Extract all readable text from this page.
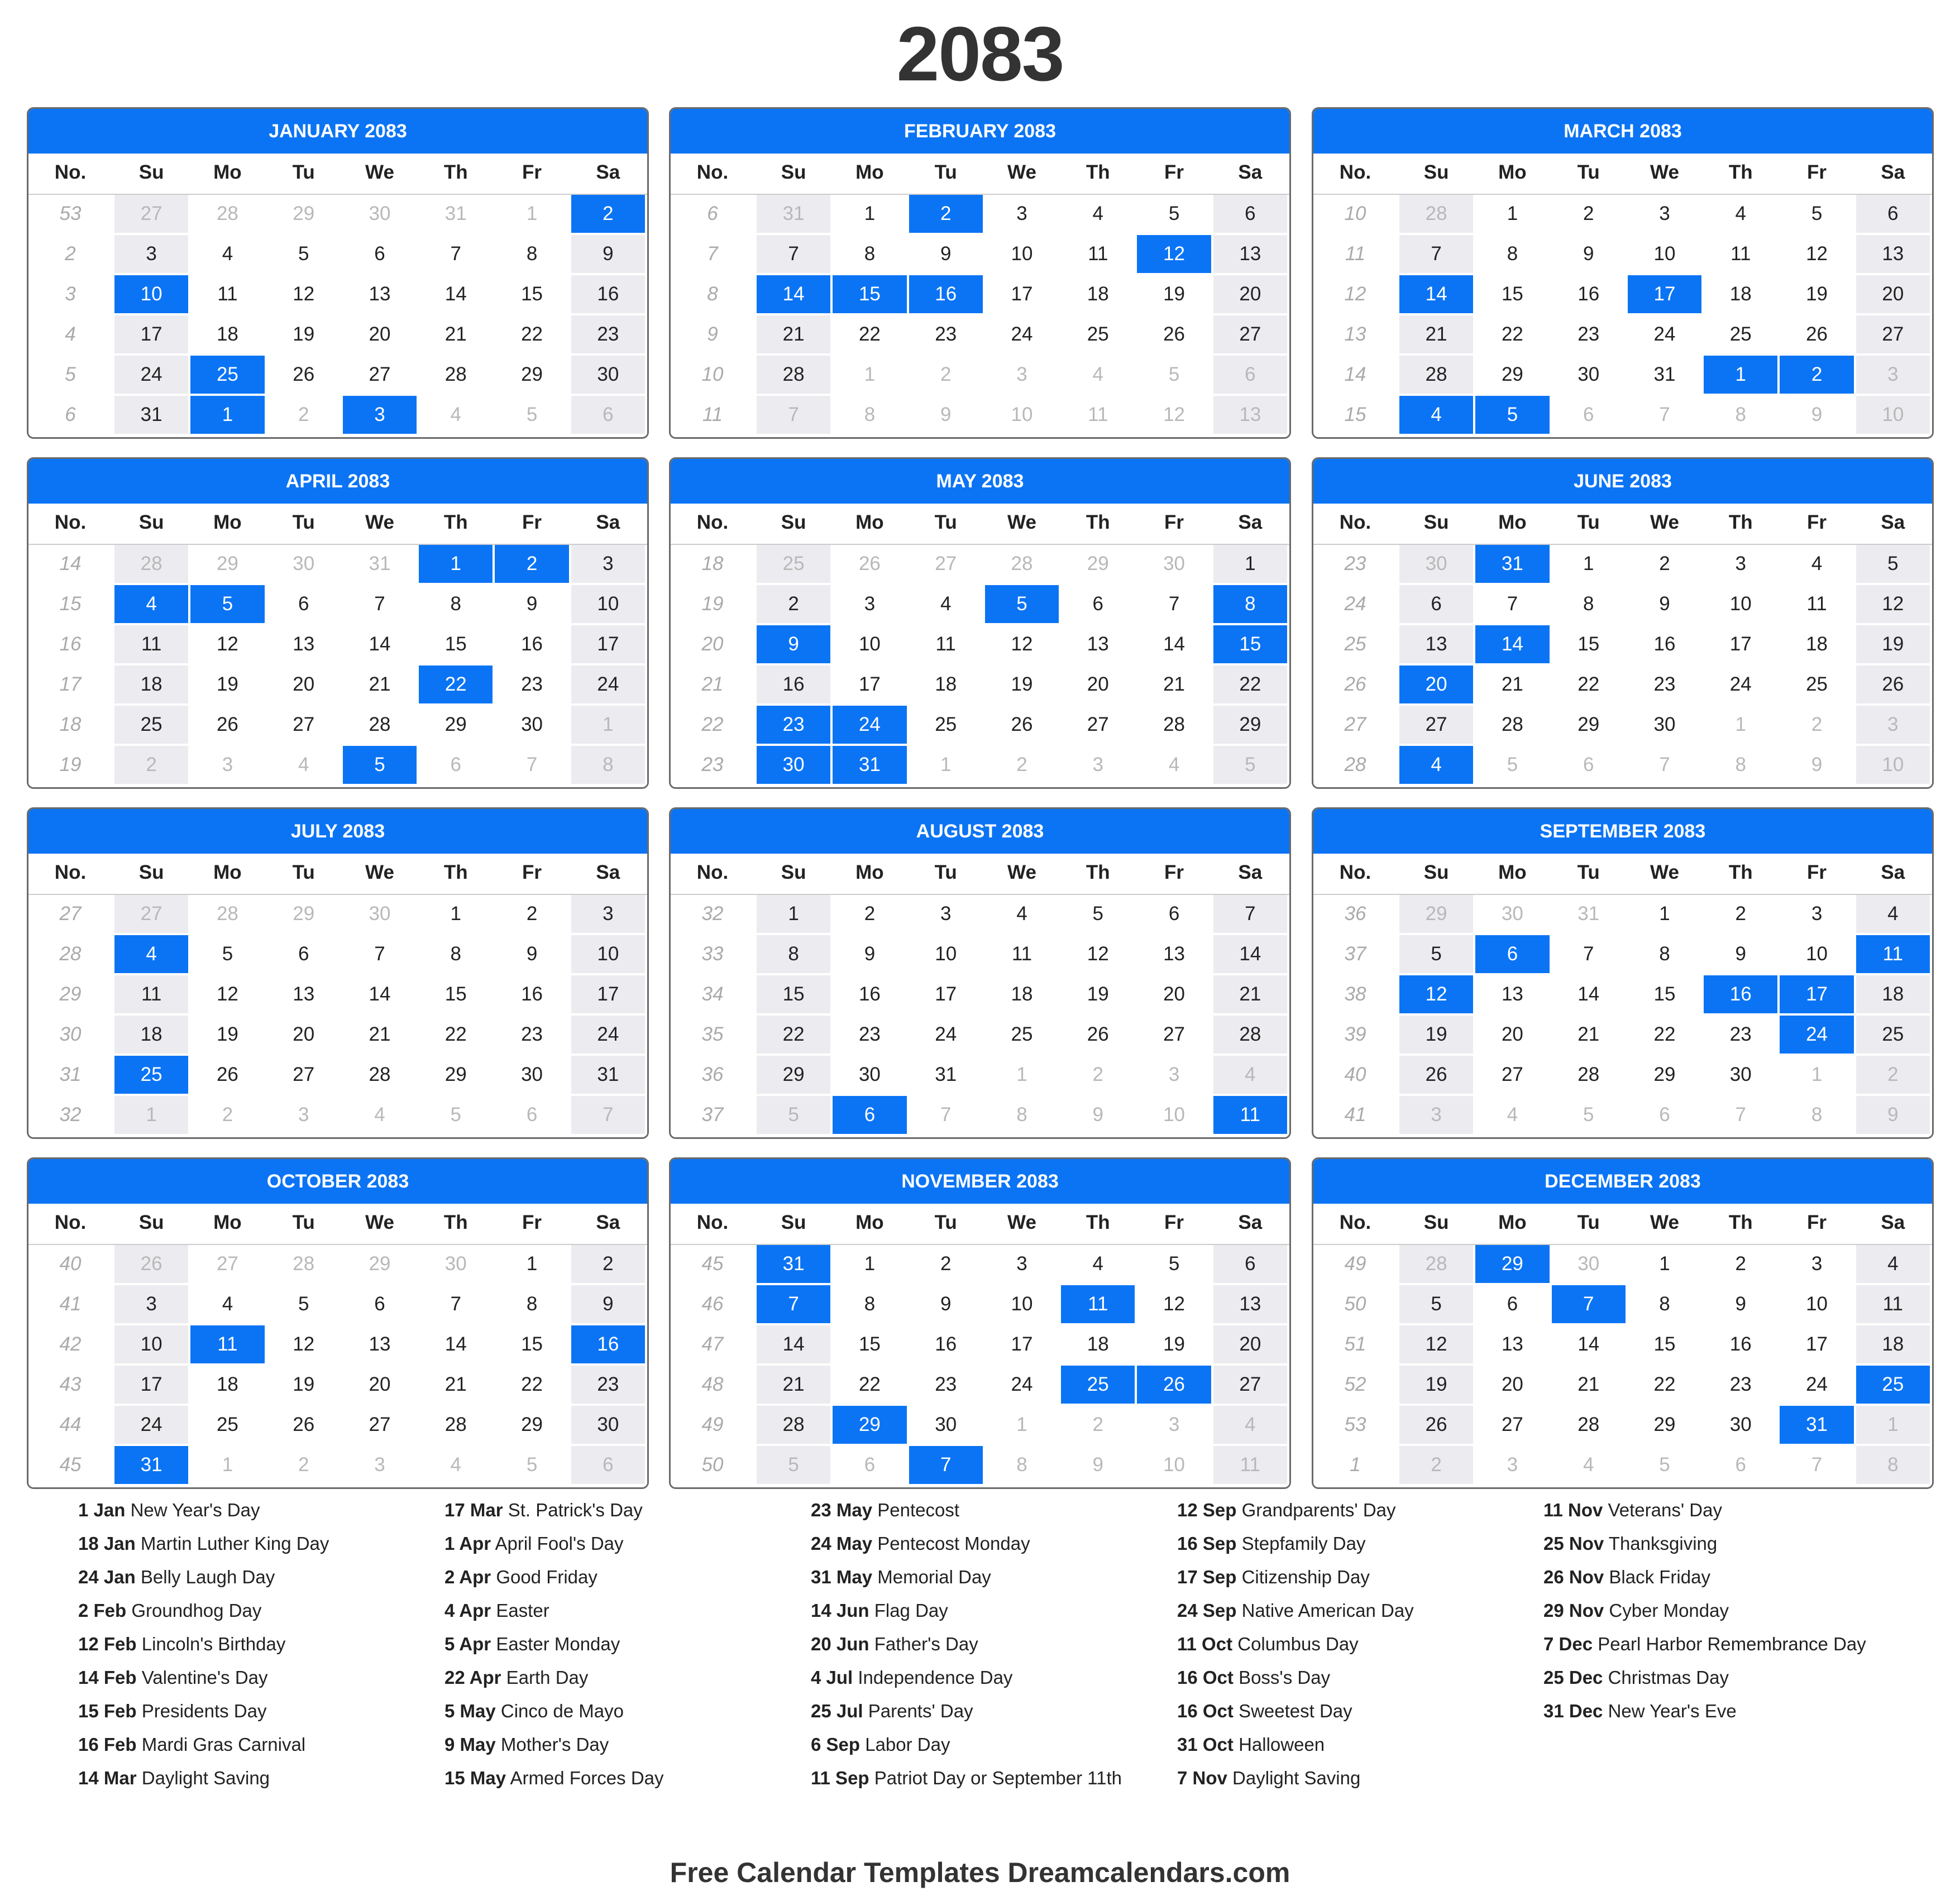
2083
JANUARY 2083
No.	Su	Mo	Tu	We	Th	Fr	Sa
53	27	28	29	30	31	1	2
2	3	4	5	6	7	8	9
3	10	11	12	13	14	15	16
4	17	18	19	20	21	22	23
5	24	25	26	27	28	29	30
6	31	1	2	3	4	5	6
FEBRUARY 2083
No.	Su	Mo	Tu	We	Th	Fr	Sa
6	31	1	2	3	4	5	6
7	7	8	9	10	11	12	13
8	14	15	16	17	18	19	20
9	21	22	23	24	25	26	27
10	28	1	2	3	4	5	6
11	7	8	9	10	11	12	13
MARCH 2083
No.	Su	Mo	Tu	We	Th	Fr	Sa
10	28	1	2	3	4	5	6
11	7	8	9	10	11	12	13
12	14	15	16	17	18	19	20
13	21	22	23	24	25	26	27
14	28	29	30	31	1	2	3
15	4	5	6	7	8	9	10
APRIL 2083
No.	Su	Mo	Tu	We	Th	Fr	Sa
14	28	29	30	31	1	2	3
15	4	5	6	7	8	9	10
16	11	12	13	14	15	16	17
17	18	19	20	21	22	23	24
18	25	26	27	28	29	30	1
19	2	3	4	5	6	7	8
MAY 2083
No.	Su	Mo	Tu	We	Th	Fr	Sa
18	25	26	27	28	29	30	1
19	2	3	4	5	6	7	8
20	9	10	11	12	13	14	15
21	16	17	18	19	20	21	22
22	23	24	25	26	27	28	29
23	30	31	1	2	3	4	5
JUNE 2083
No.	Su	Mo	Tu	We	Th	Fr	Sa
23	30	31	1	2	3	4	5
24	6	7	8	9	10	11	12
25	13	14	15	16	17	18	19
26	20	21	22	23	24	25	26
27	27	28	29	30	1	2	3
28	4	5	6	7	8	9	10
JULY 2083
No.	Su	Mo	Tu	We	Th	Fr	Sa
27	27	28	29	30	1	2	3
28	4	5	6	7	8	9	10
29	11	12	13	14	15	16	17
30	18	19	20	21	22	23	24
31	25	26	27	28	29	30	31
32	1	2	3	4	5	6	7
AUGUST 2083
No.	Su	Mo	Tu	We	Th	Fr	Sa
32	1	2	3	4	5	6	7
33	8	9	10	11	12	13	14
34	15	16	17	18	19	20	21
35	22	23	24	25	26	27	28
36	29	30	31	1	2	3	4
37	5	6	7	8	9	10	11
SEPTEMBER 2083
No.	Su	Mo	Tu	We	Th	Fr	Sa
36	29	30	31	1	2	3	4
37	5	6	7	8	9	10	11
38	12	13	14	15	16	17	18
39	19	20	21	22	23	24	25
40	26	27	28	29	30	1	2
41	3	4	5	6	7	8	9
OCTOBER 2083
No.	Su	Mo	Tu	We	Th	Fr	Sa
40	26	27	28	29	30	1	2
41	3	4	5	6	7	8	9
42	10	11	12	13	14	15	16
43	17	18	19	20	21	22	23
44	24	25	26	27	28	29	30
45	31	1	2	3	4	5	6
NOVEMBER 2083
No.	Su	Mo	Tu	We	Th	Fr	Sa
45	31	1	2	3	4	5	6
46	7	8	9	10	11	12	13
47	14	15	16	17	18	19	20
48	21	22	23	24	25	26	27
49	28	29	30	1	2	3	4
50	5	6	7	8	9	10	11
DECEMBER 2083
No.	Su	Mo	Tu	We	Th	Fr	Sa
49	28	29	30	1	2	3	4
50	5	6	7	8	9	10	11
51	12	13	14	15	16	17	18
52	19	20	21	22	23	24	25
53	26	27	28	29	30	31	1
1	2	3	4	5	6	7	8
1 Jan New Year's Day
18 Jan Martin Luther King Day
24 Jan Belly Laugh Day
2 Feb Groundhog Day
12 Feb Lincoln's Birthday
14 Feb Valentine's Day
15 Feb Presidents Day
16 Feb Mardi Gras Carnival
14 Mar Daylight Saving
17 Mar St. Patrick's Day
1 Apr April Fool's Day
2 Apr Good Friday
4 Apr Easter
5 Apr Easter Monday
22 Apr Earth Day
5 May Cinco de Mayo
9 May Mother's Day
15 May Armed Forces Day
23 May Pentecost
24 May Pentecost Monday
31 May Memorial Day
14 Jun Flag Day
20 Jun Father's Day
4 Jul Independence Day
25 Jul Parents' Day
6 Sep Labor Day
11 Sep Patriot Day or September 11th
12 Sep Grandparents' Day
16 Sep Stepfamily Day
17 Sep Citizenship Day
24 Sep Native American Day
11 Oct Columbus Day
16 Oct Boss's Day
16 Oct Sweetest Day
31 Oct Halloween
7 Nov Daylight Saving
11 Nov Veterans' Day
25 Nov Thanksgiving
26 Nov Black Friday
29 Nov Cyber Monday
7 Dec Pearl Harbor Remembrance Day
25 Dec Christmas Day
31 Dec New Year's Eve
Free Calendar Templates Dreamcalendars.com
